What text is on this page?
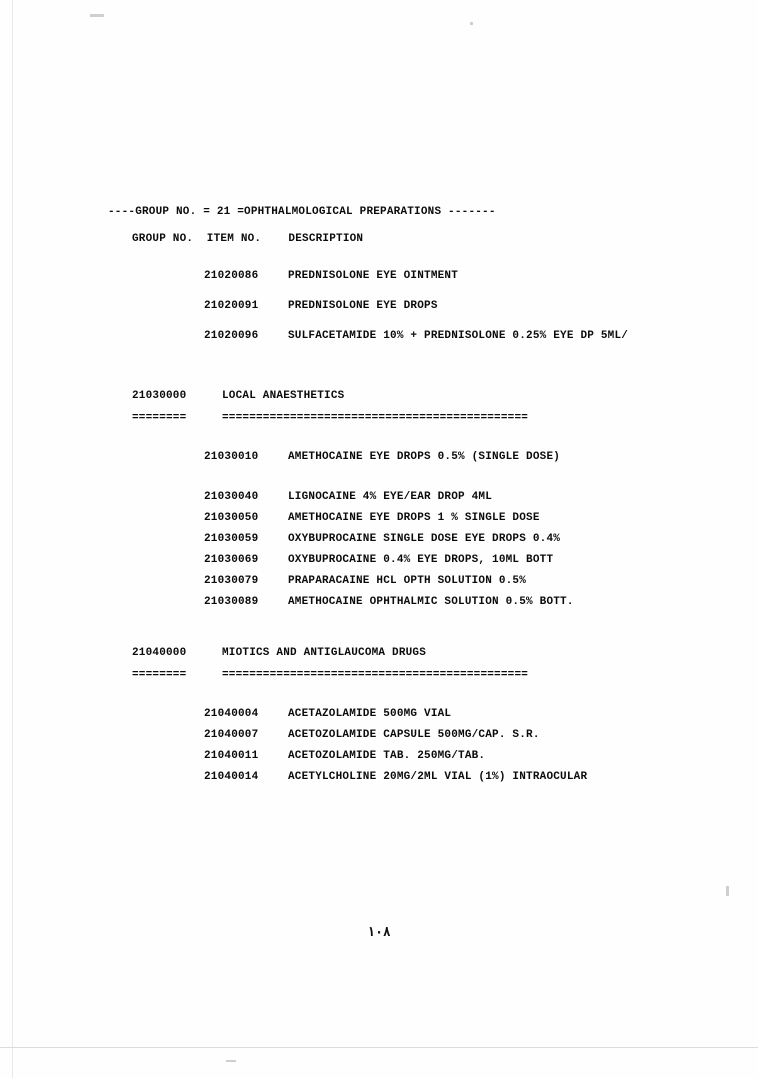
----GROUP NO. = 21 =OPHTHALMOLOGICAL PREPARATIONS -------
GROUP NO.  ITEM NO.    DESCRIPTION
21020086	PREDNISOLONE EYE OINTMENT
21020091	PREDNISOLONE EYE DROPS
21020096	SULFACETAMIDE 10% + PREDNISOLONE 0.25% EYE DP 5ML/
21030000	LOCAL ANAESTHETICS
========	=============================================
21030010	AMETHOCAINE EYE DROPS 0.5% (SINGLE DOSE)
21030040	LIGNOCAINE 4% EYE/EAR DROP 4ML
21030050	AMETHOCAINE EYE DROPS 1 % SINGLE DOSE
21030059	OXYBUPROCAINE SINGLE DOSE EYE DROPS 0.4%
21030069	OXYBUPROCAINE 0.4% EYE DROPS, 10ML BOTT
21030079	PRAPARACAINE HCL OPTH SOLUTION 0.5%
21030089	AMETHOCAINE OPHTHALMIC SOLUTION 0.5% BOTT.
21040000	MIOTICS AND ANTIGLAUCOMA DRUGS
========	=============================================
21040004	ACETAZOLAMIDE 500MG VIAL
21040007	ACETOZOLAMIDE CAPSULE 500MG/CAP. S.R.
21040011	ACETOZOLAMIDE TAB. 250MG/TAB.
21040014	ACETYLCHOLINE 20MG/2ML VIAL (1%) INTRAOCULAR
١٠٨
